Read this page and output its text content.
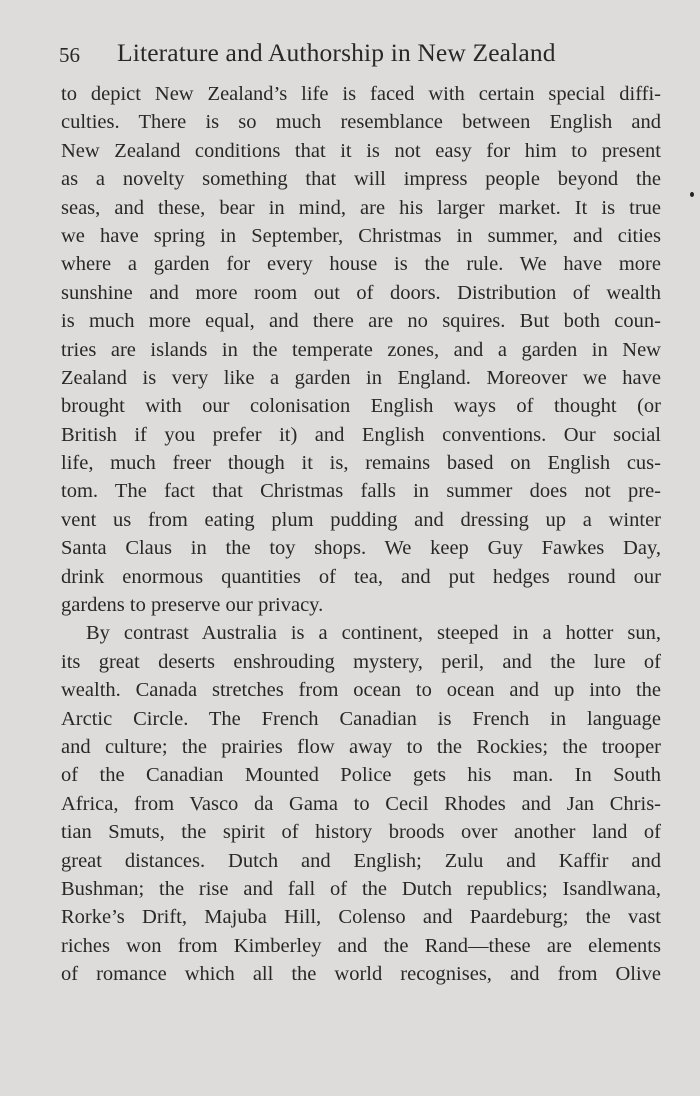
56 Literature and Authorship in New Zealand
to depict New Zealand’s life is faced with certain special diffi-
culties. There is so much resemblance between English and
New Zealand conditions that it is not easy for him to present
as a novelty something that will impress people beyond the
seas, and these, bear in mind, are his larger market. It is true
we have spring in September, Christmas in summer, and cities
where a garden for every house is the rule. We have more
sunshine and more room out of doors. Distribution of wealth
is much more equal, and there are no squires. But both coun-
tries are islands in the temperate zones, and a garden in New
Zealand is very like a garden in England. Moreover we have
brought with our colonisation English ways of thought (or
British if you prefer it) and English conventions. Our social
life, much freer though it is, remains based on English cus-
tom. The fact that Christmas falls in summer does not pre-
vent us from eating plum pudding and dressing up a winter
Santa Claus in the toy shops. We keep Guy Fawkes Day,
drink enormous quantities of tea, and put hedges round our
gardens to preserve our privacy.
By contrast Australia is a continent, steeped in a hotter sun,
its great deserts enshrouding mystery, peril, and the lure of
wealth. Canada stretches from ocean to ocean and up into the
Arctic Circle. The French Canadian is French in language
and culture; the prairies flow away to the Rockies; the trooper
of the Canadian Mounted Police gets his man. In South
Africa, from Vasco da Gama to Cecil Rhodes and Jan Chris-
tian Smuts, the spirit of history broods over another land of
great distances. Dutch and English; Zulu and Kaffir and
Bushman; the rise and fall of the Dutch republics; Isandlwana,
Rorke’s Drift, Majuba Hill, Colenso and Paardeburg; the vast
riches won from Kimberley and the Rand—these are elements
of romance which all the world recognises, and from Olive
